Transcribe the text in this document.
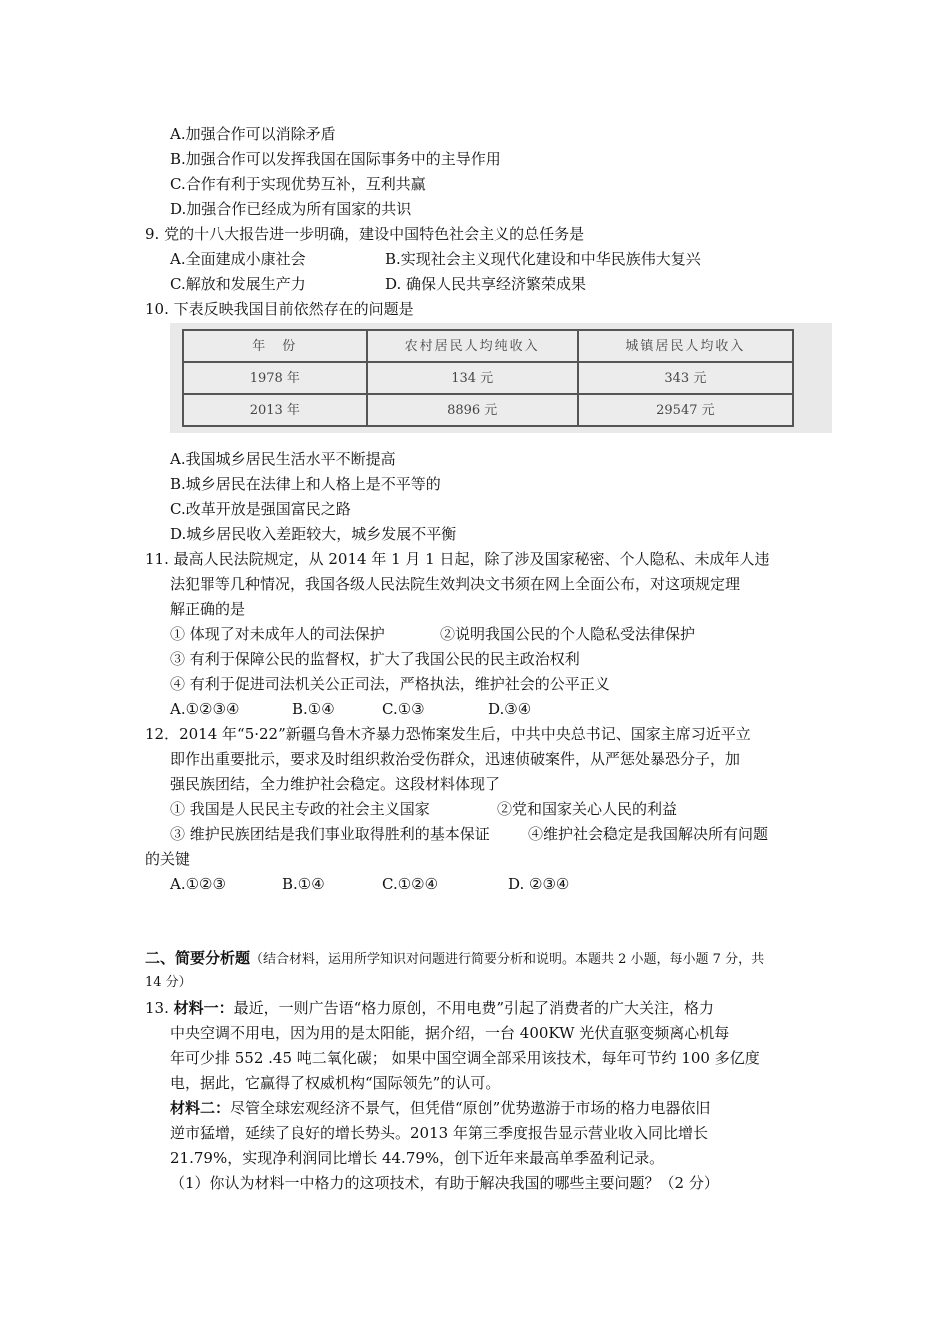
A.加强合作可以消除矛盾
B.加强合作可以发挥我国在国际事务中的主导作用
C.合作有利于实现优势互补，互利共赢
D.加强合作已经成为所有国家的共识
9. 党的十八大报告进一步明确，建设中国特色社会主义的总任务是
A.全面建成小康社会	B.实现社会主义现代化建设和中华民族伟大复兴
C.解放和发展生产力	D. 确保人民共享经济繁荣成果
10. 下表反映我国目前依然存在的问题是
年　份	农村居民人均纯收入	城镇居民人均收入
1978 年	134 元	343 元
2013 年	8896 元	29547 元
A.我国城乡居民生活水平不断提高
B.城乡居民在法律上和人格上是不平等的
C.改革开放是强国富民之路
D.城乡居民收入差距较大，城乡发展不平衡
11. 最高人民法院规定，从 2014 年 1 月 1 日起，除了涉及国家秘密、个人隐私、未成年人违
法犯罪等几种情况，我国各级人民法院生效判决文书须在网上全面公布，对这项规定理
解正确的是
① 体现了对未成年人的司法保护	②说明我国公民的个人隐私受法律保护
③ 有利于保障公民的监督权，扩大了我国公民的民主政治权利
④ 有利于促进司法机关公正司法，严格执法，维护社会的公平正义
A.①②③④	B.①④	C.①③	D.③④
12．2014 年“5·22”新疆乌鲁木齐暴力恐怖案发生后，中共中央总书记、国家主席习近平立
即作出重要批示，要求及时组织救治受伤群众，迅速侦破案件，从严惩处暴恐分子，加
强民族团结，全力维护社会稳定。这段材料体现了
① 我国是人民民主专政的社会主义国家	②党和国家关心人民的利益
③ 维护民族团结是我们事业取得胜利的基本保证	④维护社会稳定是我国解决所有问题
的关键
A.①②③	B.①④	C.①②④	D. ②③④
二、简要分析题（结合材料，运用所学知识对问题进行简要分析和说明。本题共 2 小题，每小题 7 分，共
14 分）
13. 材料一：最近，一则广告语“格力原创，不用电费”引起了消费者的广大关注，格力
中央空调不用电，因为用的是太阳能，据介绍，一台 400KW 光伏直驱变频离心机每
年可少排 552 .45 吨二氧化碳； 如果中国空调全部采用该技术，每年可节约 100 多亿度
电，据此，它赢得了权威机构“国际领先”的认可。
材料二：尽管全球宏观经济不景气，但凭借“原创”优势遨游于市场的格力电器依旧
逆市猛增，延续了良好的增长势头。2013 年第三季度报告显示营业收入同比增长
21.79%，实现净利润同比增长 44.79%，创下近年来最高单季盈利记录。
（1）你认为材料一中格力的这项技术，有助于解决我国的哪些主要问题？（2 分）
